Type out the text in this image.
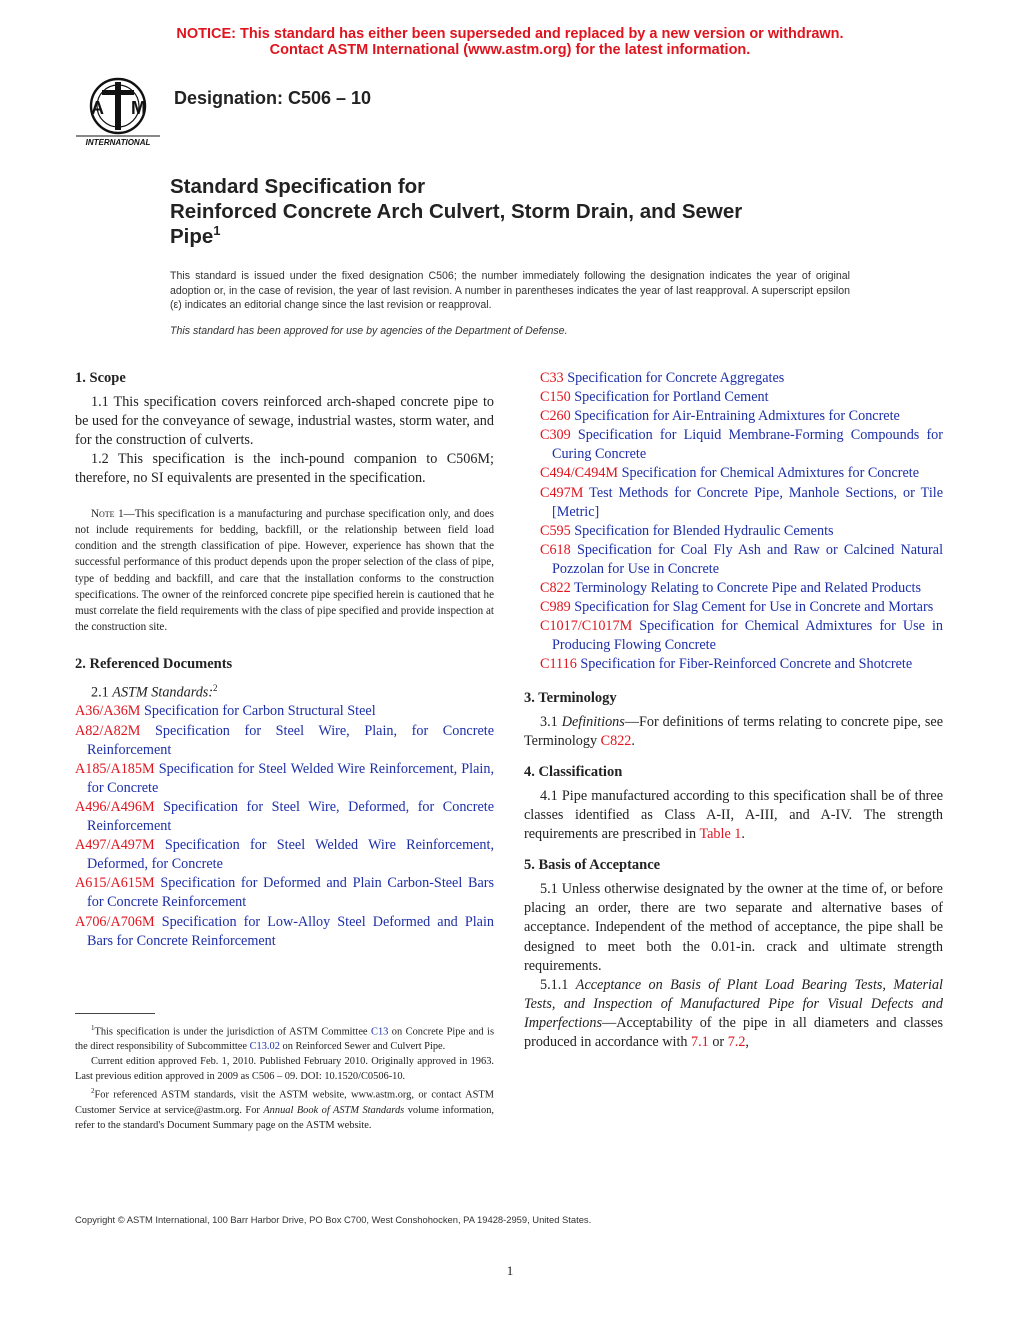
NOTICE: This standard has either been superseded and replaced by a new version or withdrawn.
Contact ASTM International (www.astm.org) for the latest information.
A M
INTERNATIONAL
Designation: C506 – 10
Standard Specification for
Reinforced Concrete Arch Culvert, Storm Drain, and Sewer
Pipe$^1$
This standard is issued under the fixed designation C506; the number immediately following the designation indicates the year of original adoption or, in the case of revision, the year of last revision. A number in parentheses indicates the year of last reapproval. A superscript epsilon (ε) indicates an editorial change since the last revision or reapproval.
This standard has been approved for use by agencies of the Department of Defense.

1. Scope

1.1 This specification covers reinforced arch-shaped concrete pipe to be used for the conveyance of sewage, industrial wastes, storm water, and for the construction of culverts.

1.2 This specification is the inch-pound companion to C506M; therefore, no SI equivalents are presented in the specification.

Note 1—This specification is a manufacturing and purchase specification only, and does not include requirements for bedding, backfill, or the relationship between field load condition and the strength classification of pipe. However, experience has shown that the successful performance of this product depends upon the proper selection of the class of pipe, type of bedding and backfill, and care that the installation conforms to the construction specifications. The owner of the reinforced concrete pipe specified herein is cautioned that he must correlate the field requirements with the class of pipe specified and provide inspection at the construction site.

2. Referenced Documents

2.1 ASTM Standards:$^2$

A36/A36M Specification for Carbon Structural Steel

A82/A82M Specification for Steel Wire, Plain, for Concrete Reinforcement

A185/A185M Specification for Steel Welded Wire Reinforcement, Plain, for Concrete

A496/A496M Specification for Steel Wire, Deformed, for Concrete Reinforcement

A497/A497M Specification for Steel Welded Wire Reinforcement, Deformed, for Concrete

A615/A615M Specification for Deformed and Plain Carbon-Steel Bars for Concrete Reinforcement

A706/A706M Specification for Low-Alloy Steel Deformed and Plain Bars for Concrete Reinforcement

$^1$This specification is under the jurisdiction of ASTM Committee C13 on Concrete Pipe and is the direct responsibility of Subcommittee C13.02 on Reinforced Sewer and Culvert Pipe.

Current edition approved Feb. 1, 2010. Published February 2010. Originally approved in 1963. Last previous edition approved in 2009 as C506 – 09. DOI: 10.1520/C0506-10.

$^2$For referenced ASTM standards, visit the ASTM website, www.astm.org, or contact ASTM Customer Service at service@astm.org. For Annual Book of ASTM Standards volume information, refer to the standard's Document Summary page on the ASTM website.

C33 Specification for Concrete Aggregates

C150 Specification for Portland Cement

C260 Specification for Air-Entraining Admixtures for Concrete

C309 Specification for Liquid Membrane-Forming Compounds for Curing Concrete

C494/C494M Specification for Chemical Admixtures for Concrete

C497M Test Methods for Concrete Pipe, Manhole Sections, or Tile [Metric]

C595 Specification for Blended Hydraulic Cements

C618 Specification for Coal Fly Ash and Raw or Calcined Natural Pozzolan for Use in Concrete

C822 Terminology Relating to Concrete Pipe and Related Products

C989 Specification for Slag Cement for Use in Concrete and Mortars

C1017/C1017M Specification for Chemical Admixtures for Use in Producing Flowing Concrete

C1116 Specification for Fiber-Reinforced Concrete and Shotcrete

3. Terminology

3.1 Definitions—For definitions of terms relating to concrete pipe, see Terminology C822.

4. Classification

4.1 Pipe manufactured according to this specification shall be of three classes identified as Class A-II, A-III, and A-IV. The strength requirements are prescribed in Table 1.

5. Basis of Acceptance

5.1 Unless otherwise designated by the owner at the time of, or before placing an order, there are two separate and alternative bases of acceptance. Independent of the method of acceptance, the pipe shall be designed to meet both the 0.01-in. crack and ultimate strength requirements.

5.1.1 Acceptance on Basis of Plant Load Bearing Tests, Material Tests, and Inspection of Manufactured Pipe for Visual Defects and Imperfections—Acceptability of the pipe in all diameters and classes produced in accordance with 7.1 or 7.2,

Copyright © ASTM International, 100 Barr Harbor Drive, PO Box C700, West Conshohocken, PA 19428-2959, United States.
1
